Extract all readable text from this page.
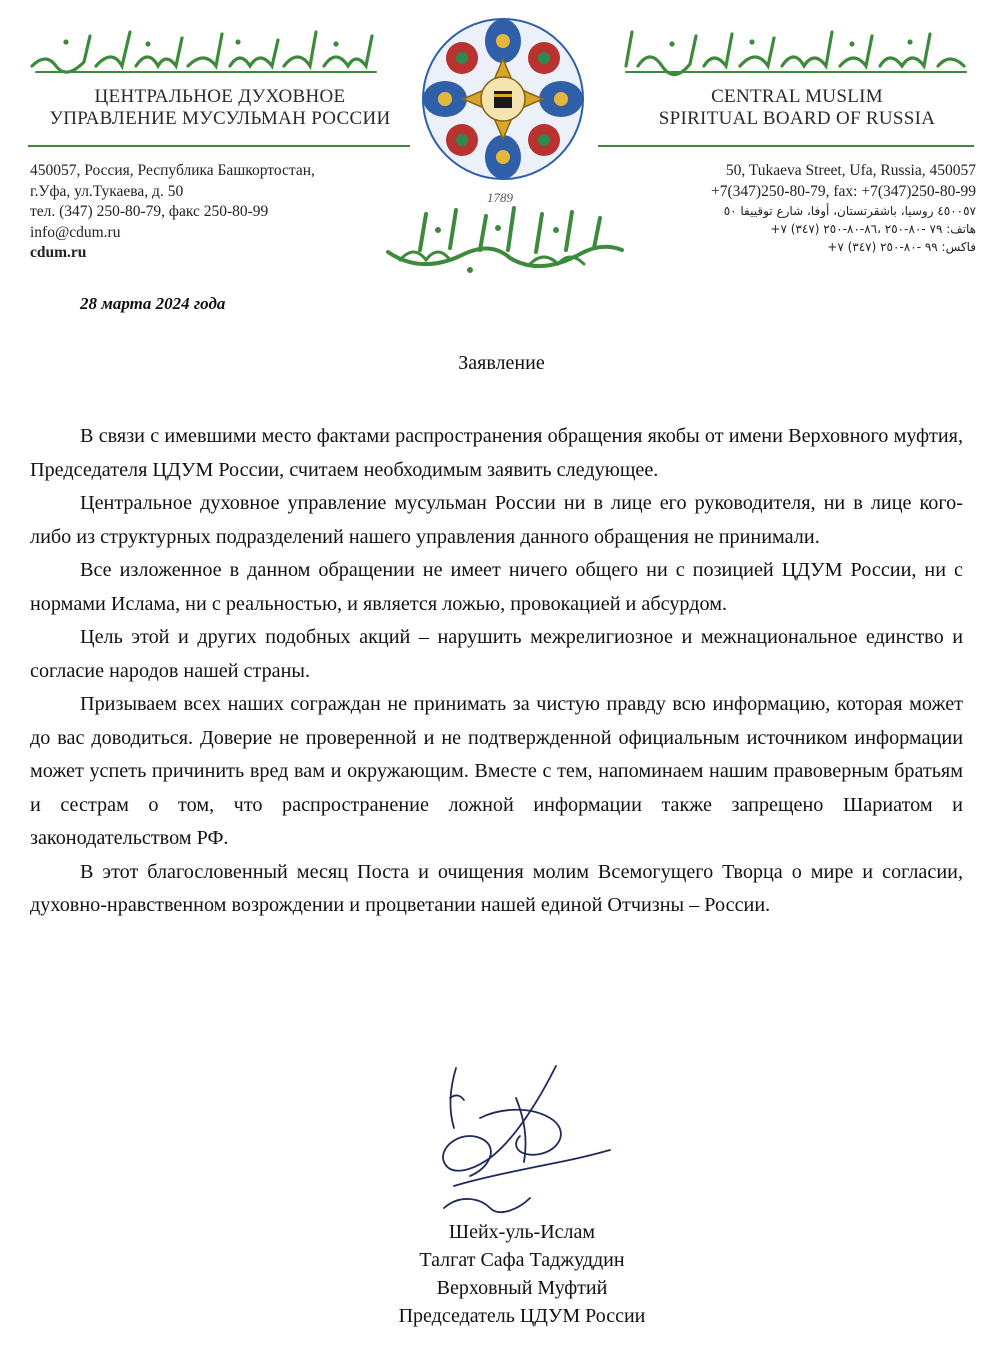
ЦЕНТРАЛЬНОЕ ДУХОВНОЕ
УПРАВЛЕНИЕ МУСУЛЬМАН РОССИИ
CENTRAL MUSLIM
SPIRITUAL BOARD OF RUSSIA
450057, Россия, Республика Башкортостан,
г.Уфа, ул.Тукаева, д. 50
тел. (347) 250-80-79, факс 250-80-99
info@cdum.ru
cdum.ru
50, Tukaeva Street, Ufa, Russia, 450057
+7(347)250-80-79, fax: +7(347)250-80-99
٤٥٠٠٥٧ روسيا، باشقرتستان، أوفا، شارع توقييفا ٥٠
هاتف: ٧٩ -٨٠-٢٥٠ ،٨٦-٨٠-٢٥٠ (٣٤٧) ٧+
فاكس: ٩٩ -٨٠-٢٥٠ (٣٤٧) ٧+
1789
28 марта 2024 года
Заявление

В связи с имевшими место фактами распространения обращения якобы от имени Верховного муфтия, Председателя ЦДУМ России, считаем необходимым заявить следующее.

Центральное духовное управление мусульман России ни в лице его руководителя, ни в лице кого-либо из структурных подразделений нашего управления данного обращения не принимали.

Все изложенное в данном обращении не имеет ничего общего ни с позицией ЦДУМ России, ни с нормами Ислама, ни с реальностью, и является ложью, провокацией и абсурдом.

Цель этой и других подобных акций – нарушить межрелигиозное и межнациональное единство и согласие народов нашей страны.

Призываем всех наших сограждан не принимать за чистую правду всю информацию, которая может до вас доводиться. Доверие не проверенной и не подтвержденной официальным источником информации может успеть причинить вред вам и окружающим. Вместе с тем, напоминаем нашим правоверным братьям и сестрам о том, что распространение ложной информации также запрещено Шариатом и законодательством РФ.

В этот благословенный месяц Поста и очищения молим Всемогущего Творца о мире и согласии, духовно-нравственном возрождении и процветании нашей единой Отчизны – России.

Шейх-уль-Ислам
Талгат Сафа Таджуддин
Верховный Муфтий
Председатель ЦДУМ России
